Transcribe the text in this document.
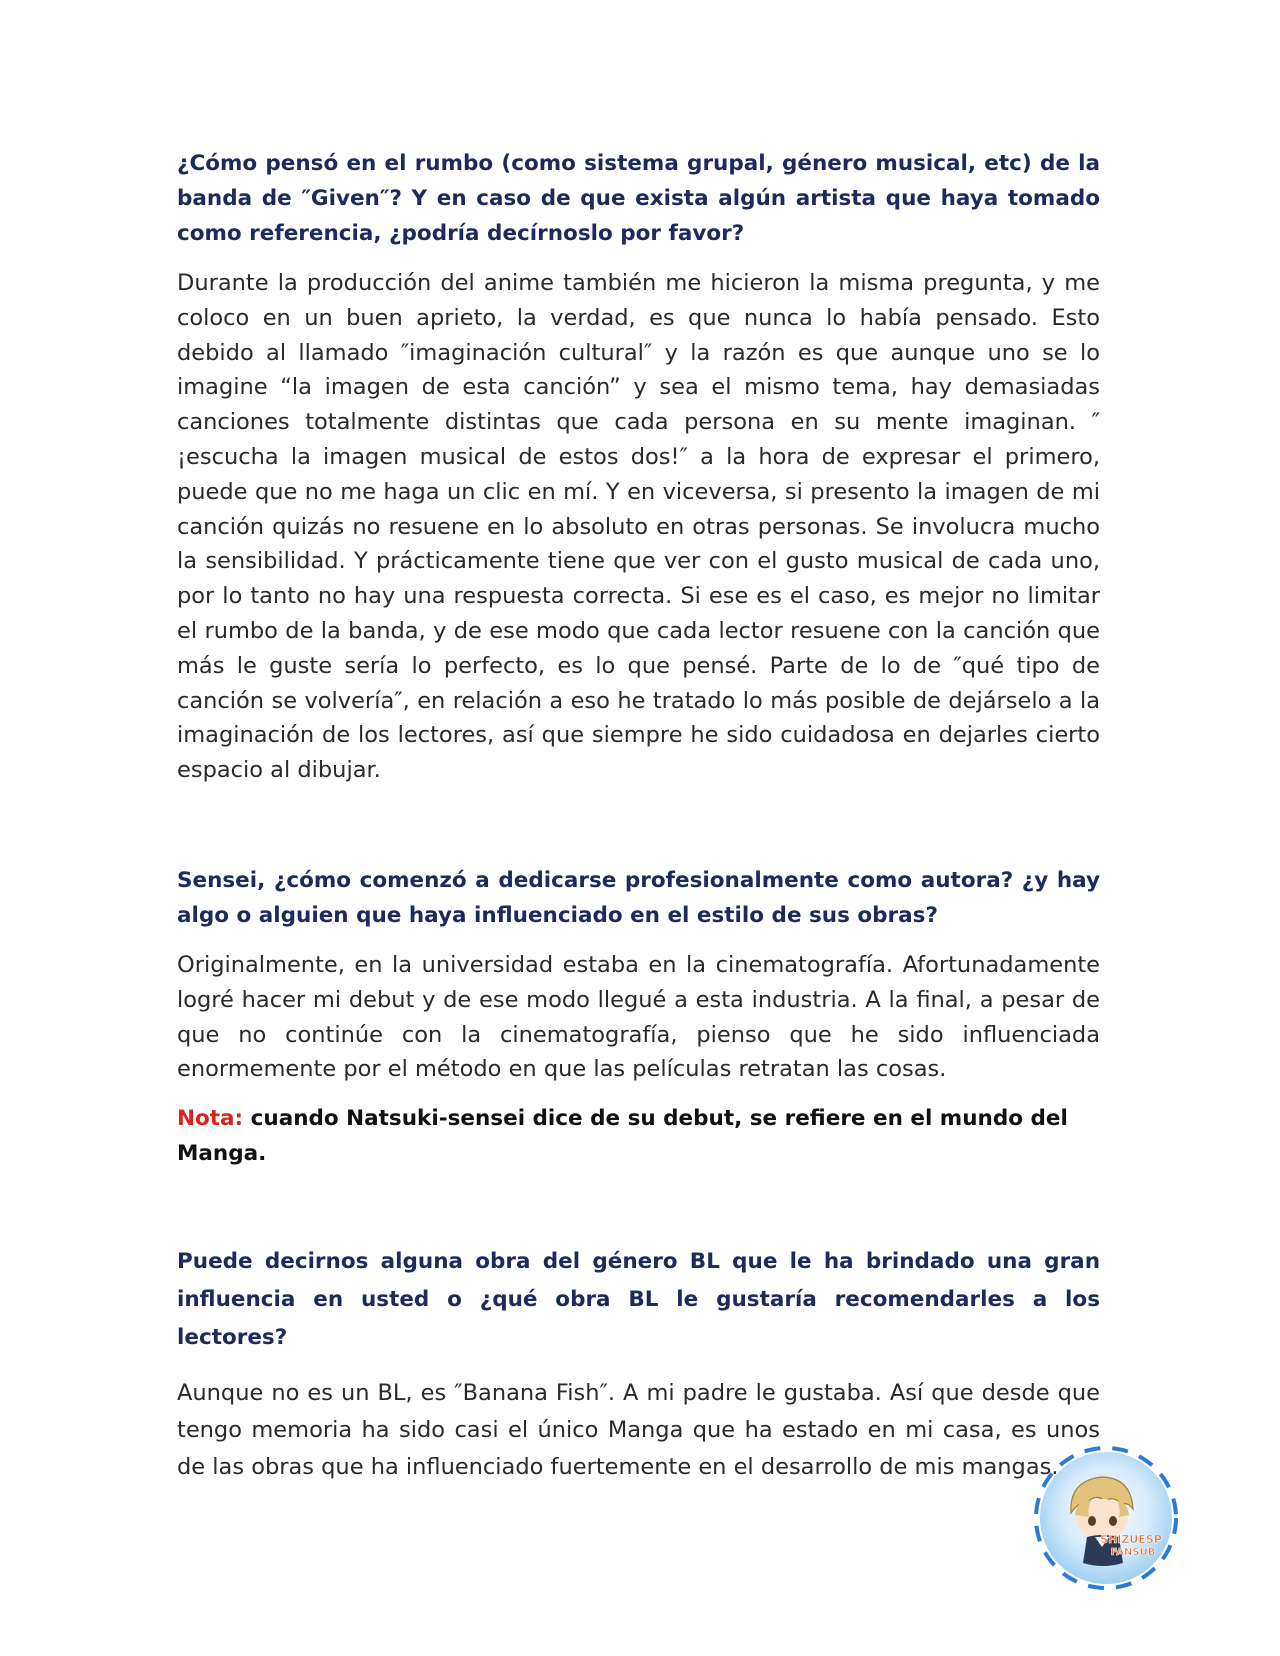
¿Cómo pensó en el rumbo (como sistema grupal, género musical, etc) de la banda de ″Given″? Y en caso de que exista algún artista que haya tomado como referencia, ¿podría decírnoslo por favor?

Durante la producción del anime también me hicieron la misma pregunta, y me coloco en un buen aprieto, la verdad, es que nunca lo había pensado. Esto debido al llamado ″imaginación cultural″ y la razón es que aunque uno se lo imagine “la imagen de esta canción” y sea el mismo tema, hay demasiadas canciones totalmente distintas que cada persona en su mente imaginan. ″¡escucha la imagen musical de estos dos!″ a la hora de expresar el primero, puede que no me haga un clic en mí. Y en viceversa, si presento la imagen de mi canción quizás no resuene en lo absoluto en otras personas. Se involucra mucho la sensibilidad. Y prácticamente tiene que ver con el gusto musical de cada uno, por lo tanto no hay una respuesta correcta. Si ese es el caso, es mejor no limitar el rumbo de la banda, y de ese modo que cada lector resuene con la canción que más le guste sería lo perfecto, es lo que pensé. Parte de lo de ″qué tipo de canción se volvería″, en relación a eso he tratado lo más posible de dejárselo a la imaginación de los lectores, así que siempre he sido cuidadosa en dejarles cierto espacio al dibujar.

Sensei, ¿cómo comenzó a dedicarse profesionalmente como autora? ¿y hay algo o alguien que haya influenciado en el estilo de sus obras?

Originalmente, en la universidad estaba en la cinematografía. Afortunadamente logré hacer mi debut y de ese modo llegué a esta industria. A la final, a pesar de que no continúe con la cinematografía, pienso que he sido influenciada enormemente por el método en que las películas retratan las cosas.

Nota: cuando Natsuki-sensei dice de su debut, se refiere en el mundo del Manga.

Puede decirnos alguna obra del género BL que le ha brindado una gran influencia en usted o ¿qué obra BL le gustaría recomendarles a los lectores?

Aunque no es un BL, es ″Banana Fish″. A mi padre le gustaba. Así que desde que tengo memoria ha sido casi el único Manga que ha estado en mi casa, es unos de las obras que ha influenciado fuertemente en el desarrollo de mis mangas.

SHIZUESP
FANSUB
